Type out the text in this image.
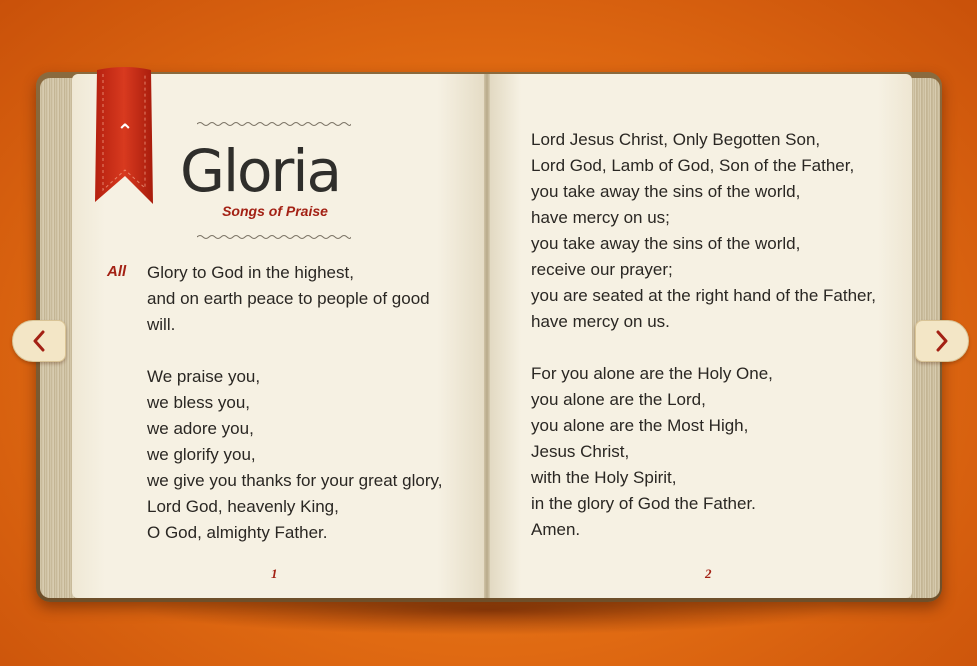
⌃
Gloria
Songs of Praise
All Glory to God in the highest,
and on earth peace to people of good
will.
We praise you,
we bless you,
we adore you,
we glorify you,
we give you thanks for your great glory,
Lord God, heavenly King,
O God, almighty Father.
1
Lord Jesus Christ, Only Begotten Son,
Lord God, Lamb of God, Son of the Father,
you take away the sins of the world,
have mercy on us;
you take away the sins of the world,
receive our prayer;
you are seated at the right hand of the Father,
have mercy on us.
For you alone are the Holy One,
you alone are the Lord,
you alone are the Most High,
Jesus Christ,
with the Holy Spirit,
in the glory of God the Father.
Amen.
2
